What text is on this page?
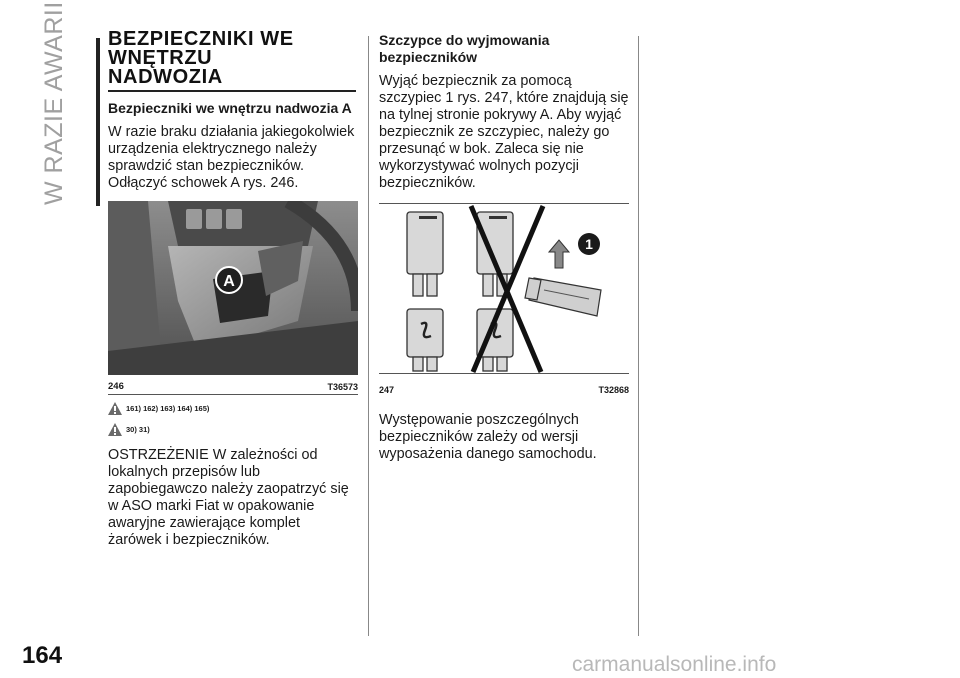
W RAZIE AWARII BEZPIECZNIKI WE
WNĘTRZU
NADWOZIA
Bezpieczniki we wnętrzu nadwozia A
W razie braku działania jakiegokolwiek urządzenia elektrycznego należy sprawdzić stan bezpieczników. Odłączyć schowek A rys. 246.
A
246	T36573
161) 162) 163) 164) 165)
30) 31)
OSTRZEŻENIE W zależności od lokalnych przepisów lub zapobiegawczo należy zaopatrzyć się w ASO marki Fiat w opakowanie awaryjne zawierające komplet żarówek i bezpieczników.
Szczypce do wyjmowania bezpieczników
Wyjąć bezpiecznik za pomocą szczypiec 1 rys. 247, które znajdują się na tylnej stronie pokrywy A. Aby wyjąć bezpiecznik ze szczypiec, należy go przesunąć w bok. Zaleca się nie wykorzystywać wolnych pozycji bezpieczników.
1
247	T32868
Występowanie poszczególnych bezpieczników zależy od wersji wyposażenia danego samochodu.
164	carmanualsonline.info
